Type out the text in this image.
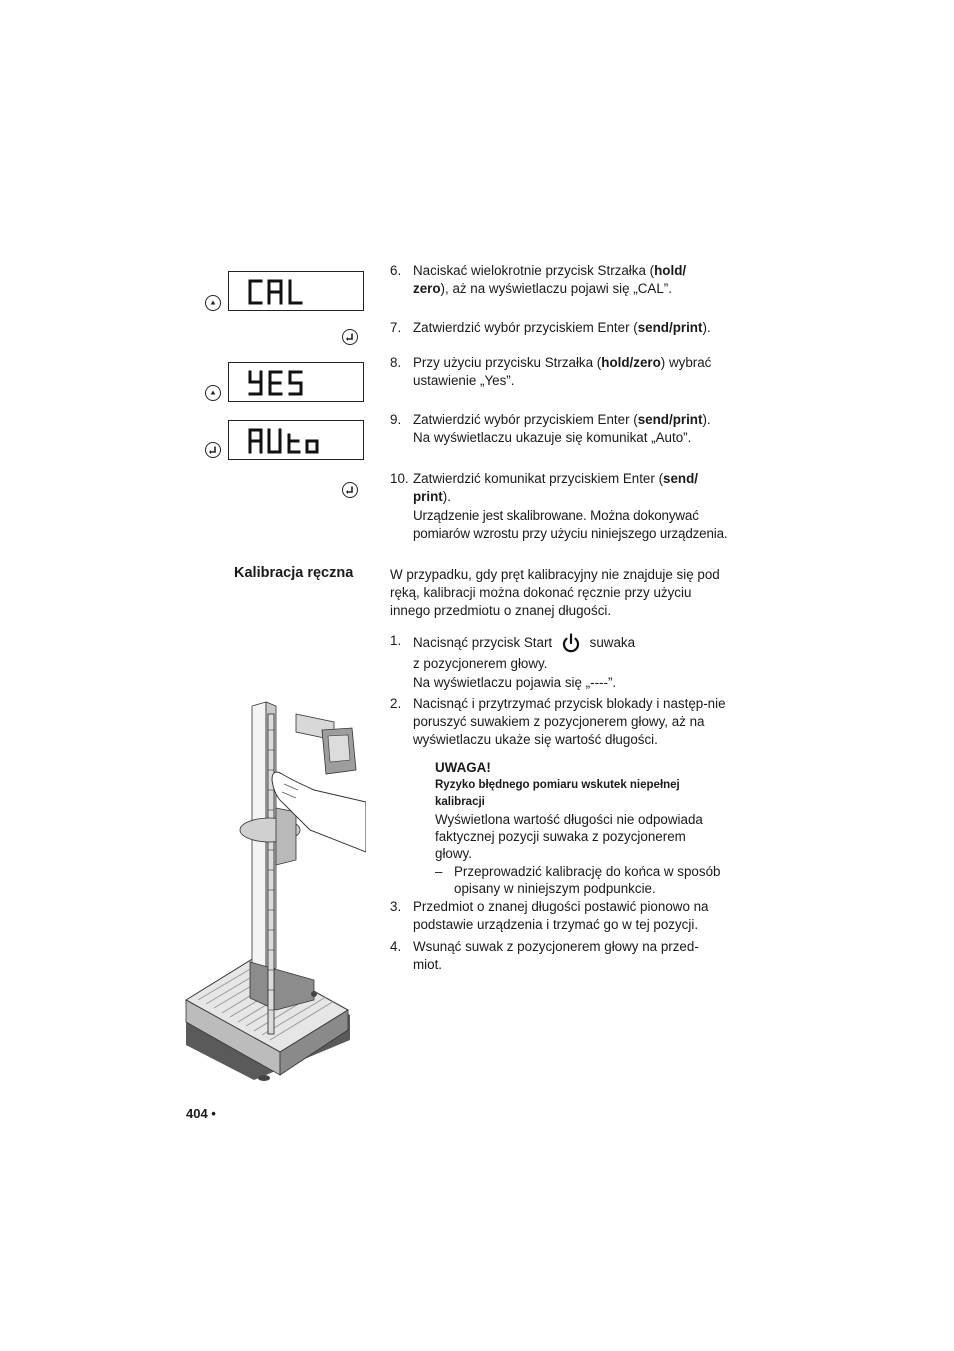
6. Naciskać wielokrotnie przycisk Strzałka (hold/
zero), aż na wyświetlaczu pojawi się „CAL”.
7. Zatwierdzić wybór przyciskiem Enter (send/print).
8. Przy użyciu przycisku Strzałka (hold/zero) wybrać ustawienie „Yes”.
9. Zatwierdzić wybór przyciskiem Enter (send/print).
Na wyświetlaczu ukazuje się komunikat „Auto”.
10. Zatwierdzić komunikat przyciskiem Enter (send/
print).
Urządzenie jest skalibrowane. Można dokonywać pomiarów wzrostu przy użyciu niniejszego urządzenia.
Kalibracja ręczna	W przypadku, gdy pręt kalibracyjny nie znajduje się pod ręką, kalibracji można dokonać ręcznie przy użyciu innego przedmiotu o znanej długości.
1. Nacisnąć przycisk Start	suwaka
z pozycjonerem głowy.
Na wyświetlaczu pojawia się „----”.
2. Nacisnąć i przytrzymać przycisk blokady i następ-nie poruszyć suwakiem z pozycjonerem głowy, aż na wyświetlaczu ukaże się wartość długości.
UWAGA!
Ryzyko błędnego pomiaru wskutek niepełnej kalibracji
Wyświetlona wartość długości nie odpowiada faktycznej pozycji suwaka z pozycjonerem głowy.
– Przeprowadzić kalibrację do końca w sposób opisany w niniejszym podpunkcie.
3. Przedmiot o znanej długości postawić pionowo na podstawie urządzenia i trzymać go w tej pozycji.
4. Wsunąć suwak z pozycjonerem głowy na przed-miot.
404 •
